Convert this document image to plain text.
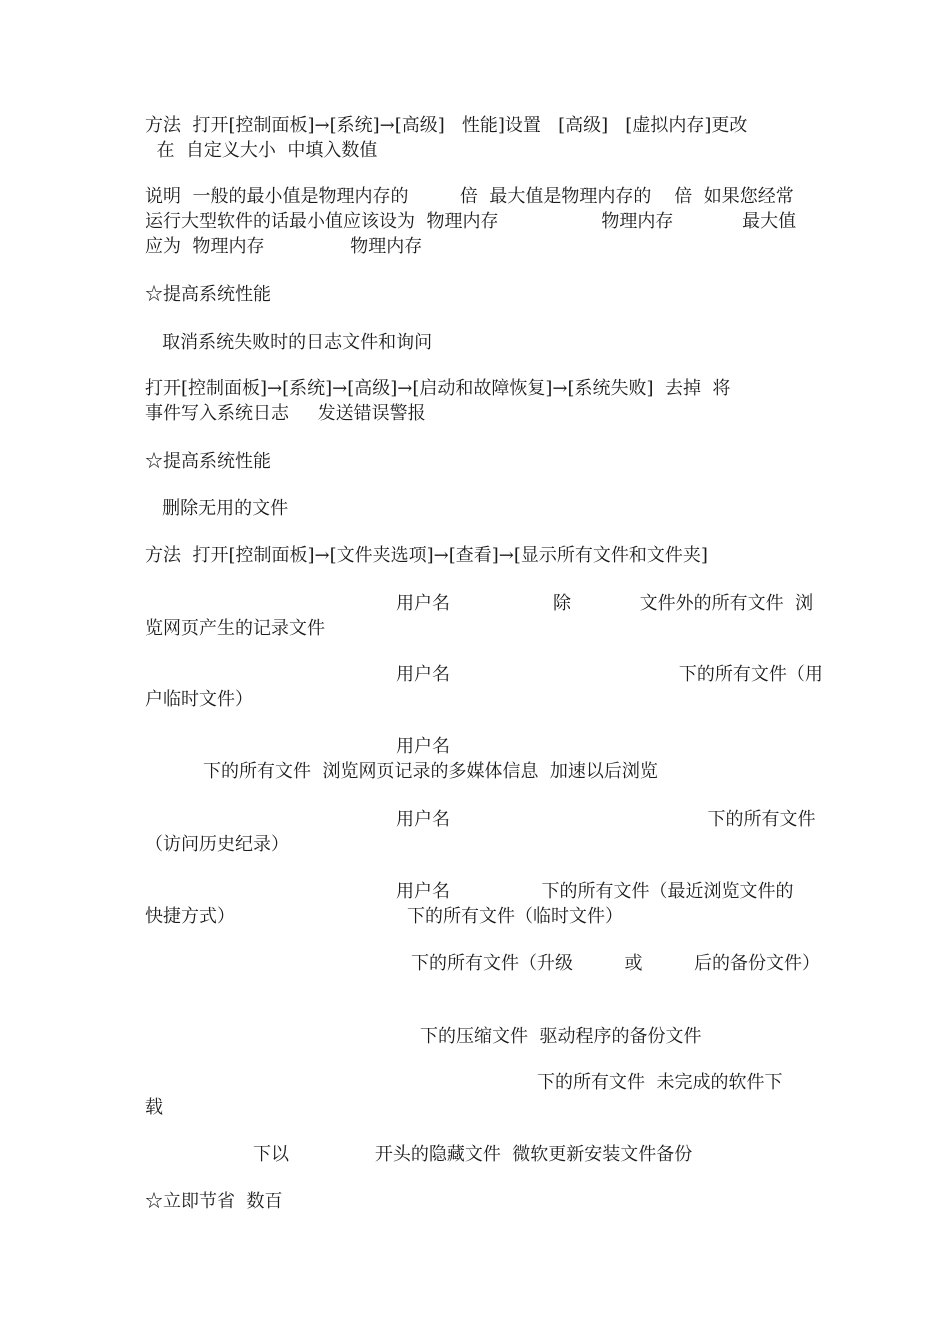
方法  打开[控制面板]→[系统]→[高级]   性能]设置   [高级]   [虚拟内存]更改
在  自定义大小  中填入数值
说明  一般的最小值是物理内存的         倍  最大值是物理内存的    倍  如果您经常
运行大型软件的话最小值应该设为  物理内存                  物理内存            最大值
应为  物理内存               物理内存
☆提高系统性能
取消系统失败时的日志文件和询问
打开[控制面板]→[系统]→[高级]→[启动和故障恢复]→[系统失败]  去掉  将
事件写入系统日志     发送错误警报
☆提高系统性能
删除无用的文件
方法  打开[控制面板]→[文件夹选项]→[查看]→[显示所有文件和文件夹]
用户名                  除            文件外的所有文件  浏
览网页产生的记录文件
用户名                                        下的所有文件（用
户临时文件）
用户名
下的所有文件  浏览网页记录的多媒体信息  加速以后浏览
用户名                                             下的所有文件
（访问历史纪录）
用户名                下的所有文件（最近浏览文件的
快捷方式）	下的所有文件（临时文件）
下的所有文件（升级         或         后的备份文件）
下的压缩文件  驱动程序的备份文件
下的所有文件  未完成的软件下
载
下以               开头的隐藏文件  微软更新安装文件备份
☆立即节省  数百
